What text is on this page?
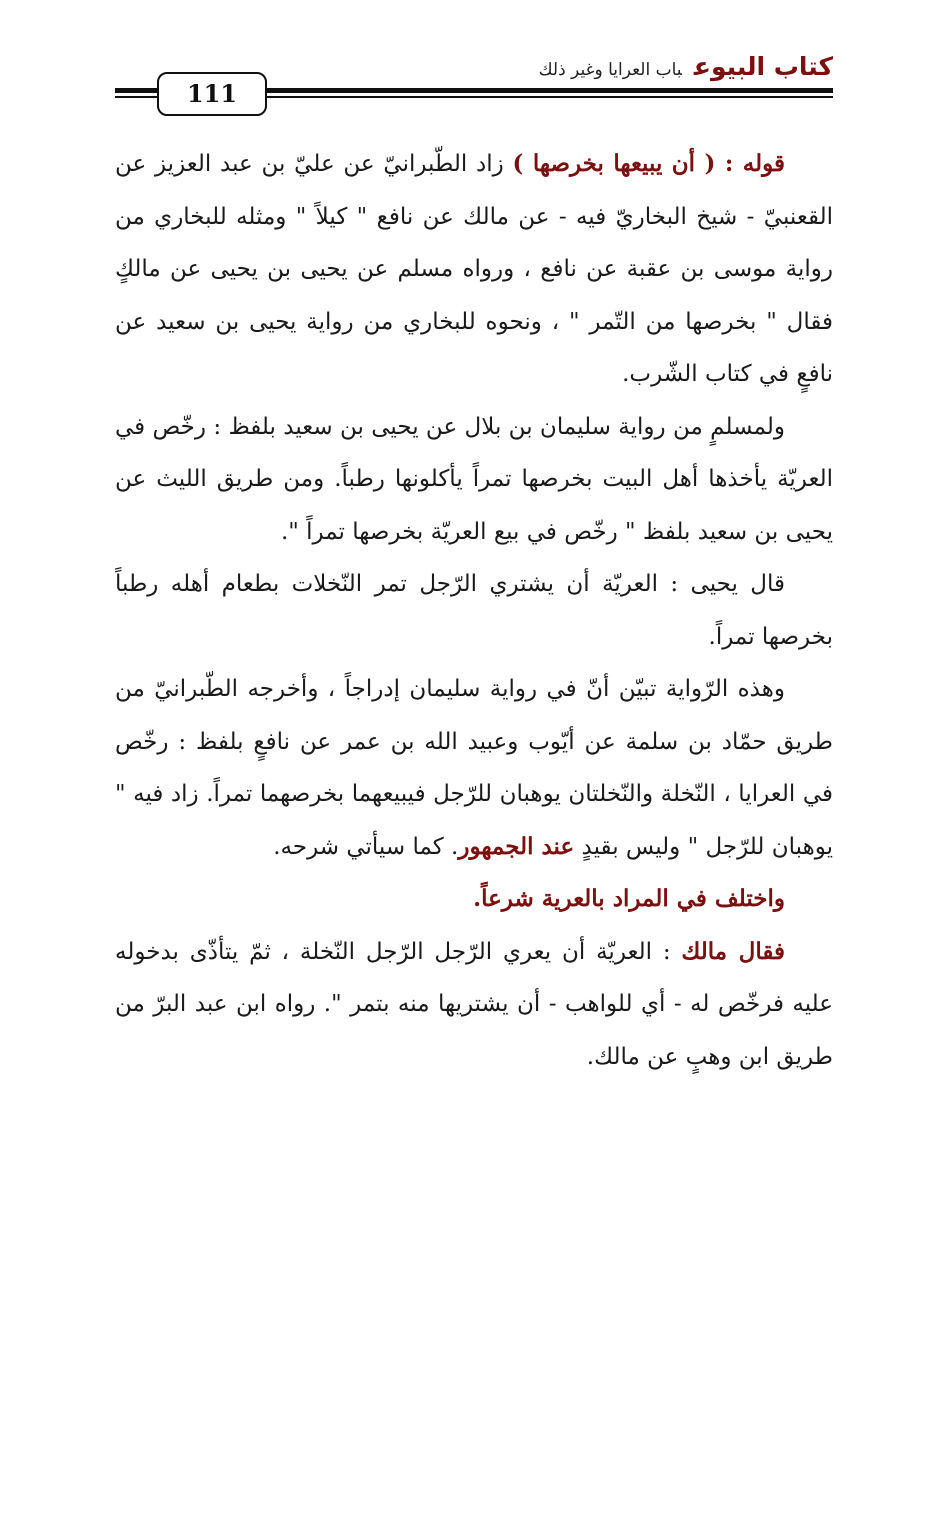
كتاب البيوعباب العرايا وغير ذلك
111

قوله : ( أن يبيعها بخرصها ) زاد الطّبرانيّ عن عليّ بن عبد العزيز عن القعنبيّ - شيخ البخاريّ فيه - عن مالك عن نافع " كيلاً " ومثله للبخاري من رواية موسى بن عقبة عن نافع ، ورواه مسلم عن يحيى بن يحيى عن مالكٍ فقال " بخرصها من التّمر " ، ونحوه للبخاري من رواية يحيى بن سعيد عن نافعٍ في كتاب الشّرب.

ولمسلمٍ من رواية سليمان بن بلال عن يحيى بن سعيد بلفظ : رخّص في العريّة يأخذها أهل البيت بخرصها تمراً يأكلونها رطباً. ومن طريق الليث عن يحيى بن سعيد بلفظ " رخّص في بيع العريّة بخرصها تمراً ".

قال يحيى : العريّة أن يشتري الرّجل تمر النّخلات بطعام أهله رطباً بخرصها تمراً.

وهذه الرّواية تبيّن أنّ في رواية سليمان إدراجاً ، وأخرجه الطّبرانيّ من طريق حمّاد بن سلمة عن أيّوب وعبيد الله بن عمر عن نافعٍ بلفظ : رخّص في العرايا ، النّخلة والنّخلتان يوهبان للرّجل فيبيعهما بخرصهما تمراً. زاد فيه " يوهبان للرّجل " وليس بقيدٍ عند الجمهور. كما سيأتي شرحه.

واختلف في المراد بالعرية شرعاً.

فقال مالك : العريّة أن يعري الرّجل الرّجل النّخلة ، ثمّ يتأذّى بدخوله عليه فرخّص له - أي للواهب - أن يشتريها منه بتمر ". رواه ابن عبد البرّ من طريق ابن وهبٍ عن مالك.
